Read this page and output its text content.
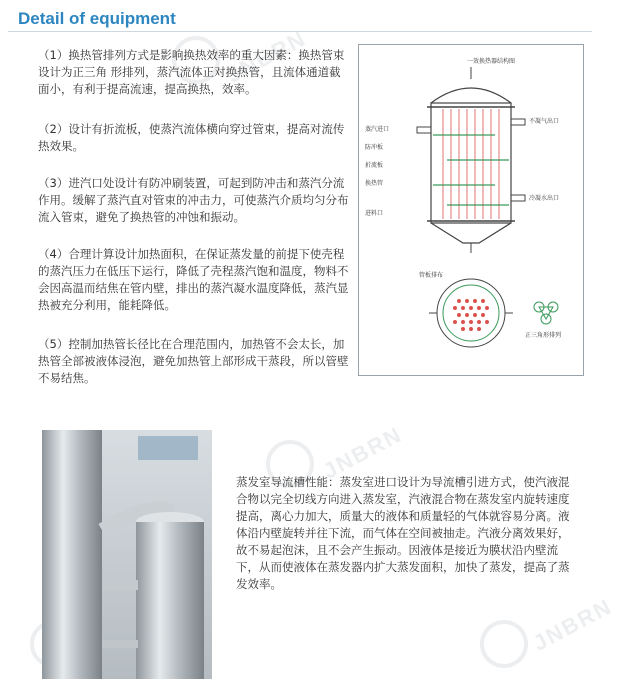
Detail of equipment
JNBRN
JNBRN
JNBRN

（1）换热管排列方式是影响换热效率的重大因素：换热管束设计为正三角 形排列，蒸汽流体正对换热管，且流体通道截面小，有利于提高流速，提高换热，效率。

（2）设计有折流板，使蒸汽流体横向穿过管束，提高对流传热效果。

（3）进汽口处设计有防冲刷装置，可起到防冲击和蒸汽分流作用。缓解了蒸汽直对管束的冲击力，可使蒸汽介质均匀分布流入管束，避免了换热管的冲蚀和振动。

（4）合理计算设计加热面积，在保证蒸发量的前提下使壳程的蒸汽压力在低压下运行，降低了壳程蒸汽饱和温度，物料不会因高温而结焦在管内壁，排出的蒸汽凝水温度降低，蒸汽显热被充分利用，能耗降低。

（5）控制加热管长径比在合理范围内，加热管不会太长，加热管全部被液体浸泡，避免加热管上部形成干蒸段，所以管壁不易结焦。

一效换热器结构图
蒸汽进口
防冲板
折流板
换热管
不凝气出口
冷凝水出口
进料口
管板排布
正三角形排列

蒸发室导流槽性能：蒸发室进口设计为导流槽引进方式，使汽液混合物以完全切线方向进入蒸发室，汽液混合物在蒸发室内旋转速度提高，离心力加大，质量大的液体和质量轻的气体就容易分离。液体沿内壁旋转并往下流，而气体在空间被抽走。汽液分离效果好，故不易起泡沫，且不会产生振动。因液体是接近为膜状沿内壁流下，从而使液体在蒸发器内扩大蒸发面积，加快了蒸发，提高了蒸发效率。
